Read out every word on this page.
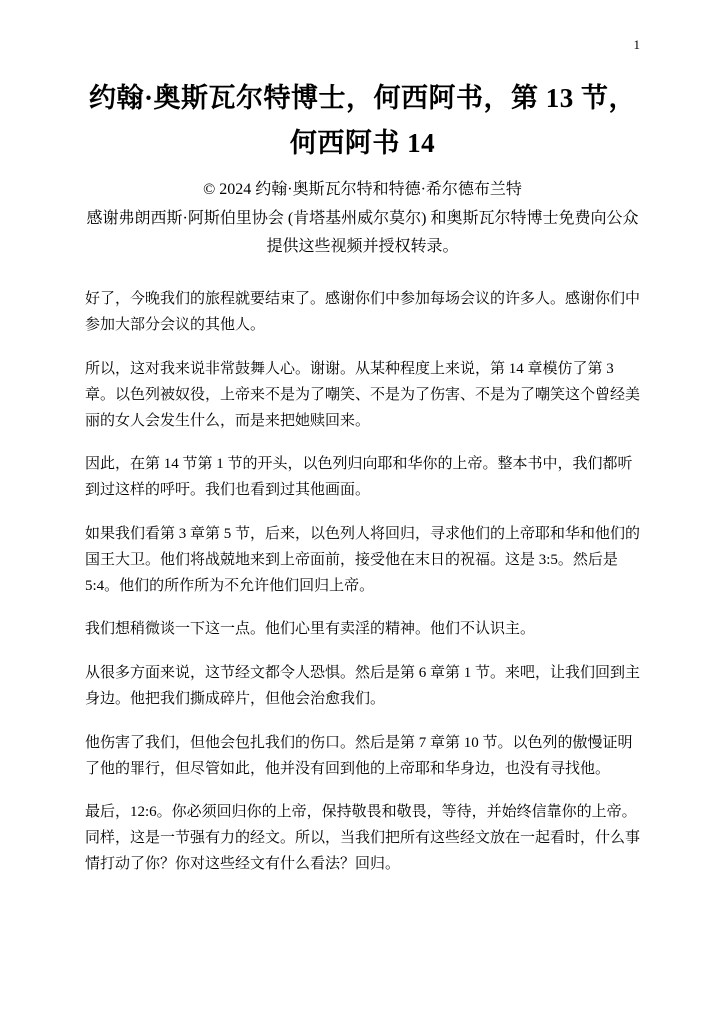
1
约翰·奥斯瓦尔特博士，何西阿书，第 13 节，何西阿书 14

© 2024 约翰·奥斯瓦尔特和特德·希尔德布兰特

感谢弗朗西斯·阿斯伯里协会 (肯塔基州威尔莫尔) 和奥斯瓦尔特博士免费向公众提供这些视频并授权转录。

好了，今晚我们的旅程就要结束了。感谢你们中参加每场会议的许多人。感谢你们中参加大部分会议的其他人。

所以，这对我来说非常鼓舞人心。谢谢。从某种程度上来说，第 14 章模仿了第 3 章。以色列被奴役，上帝来不是为了嘲笑、不是为了伤害、不是为了嘲笑这个曾经美丽的女人会发生什么，而是来把她赎回来。

因此，在第 14 节第 1 节的开头，以色列归向耶和华你的上帝。整本书中，我们都听到过这样的呼吁。我们也看到过其他画面。

如果我们看第 3 章第 5 节，后来，以色列人将回归，寻求他们的上帝耶和华和他们的国王大卫。他们将战兢地来到上帝面前，接受他在末日的祝福。这是 3:5。然后是 5:4。他们的所作所为不允许他们回归上帝。

我们想稍微谈一下这一点。他们心里有卖淫的精神。他们不认识主。

从很多方面来说，这节经文都令人恐惧。然后是第 6 章第 1 节。来吧，让我们回到主身边。他把我们撕成碎片，但他会治愈我们。

他伤害了我们，但他会包扎我们的伤口。然后是第 7 章第 10 节。以色列的傲慢证明了他的罪行，但尽管如此，他并没有回到他的上帝耶和华身边，也没有寻找他。

最后，12:6。你必须回归你的上帝，保持敬畏和敬畏，等待，并始终信靠你的上帝。同样，这是一节强有力的经文。所以，当我们把所有这些经文放在一起看时，什么事情打动了你？你对这些经文有什么看法？回归。
